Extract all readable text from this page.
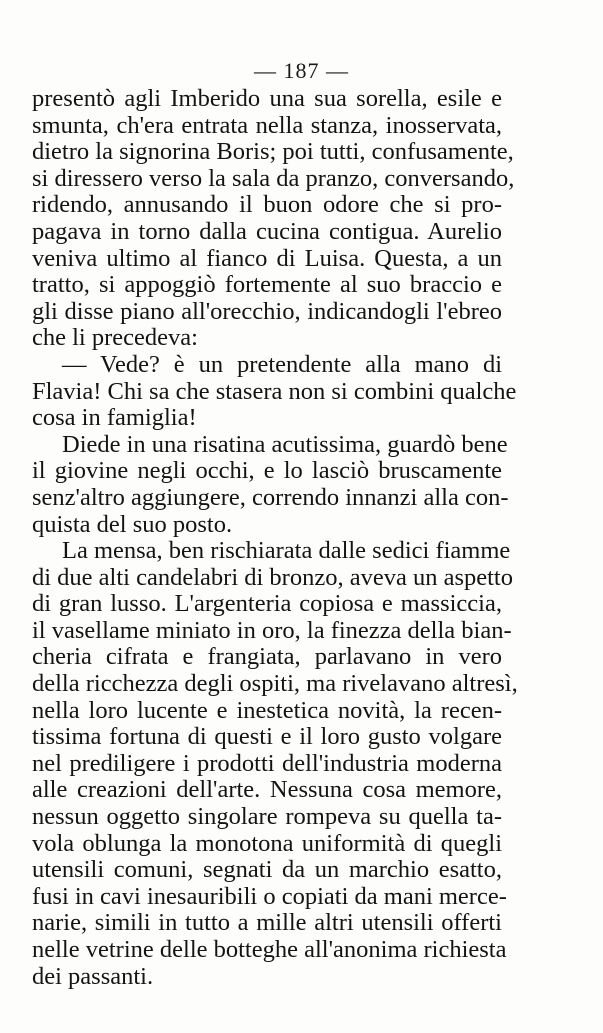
— 187 —
presentò agli Imberido una sua sorella, esile e
smunta, ch'era entrata nella stanza, inosservata,
dietro la signorina Boris; poi tutti, confusamente,
si diressero verso la sala da pranzo, conversando,
ridendo, annusando il buon odore che si pro-
pagava in torno dalla cucina contigua. Aurelio
veniva ultimo al fianco di Luisa. Questa, a un
tratto, si appoggiò fortemente al suo braccio e
gli disse piano all'orecchio, indicandogli l'ebreo
che li precedeva:
— Vede? è un pretendente alla mano di
Flavia! Chi sa che stasera non si combini qualche
cosa in famiglia!
Diede in una risatina acutissima, guardò bene
il giovine negli occhi, e lo lasciò bruscamente
senz'altro aggiungere, correndo innanzi alla con-
quista del suo posto.
La mensa, ben rischiarata dalle sedici fiamme
di due alti candelabri di bronzo, aveva un aspetto
di gran lusso. L'argenteria copiosa e massiccia,
il vasellame miniato in oro, la finezza della bian-
cheria cifrata e frangiata, parlavano in vero
della ricchezza degli ospiti, ma rivelavano altresì,
nella loro lucente e inestetica novità, la recen-
tissima fortuna di questi e il loro gusto volgare
nel prediligere i prodotti dell'industria moderna
alle creazioni dell'arte. Nessuna cosa memore,
nessun oggetto singolare rompeva su quella ta-
vola oblunga la monotona uniformità di quegli
utensili comuni, segnati da un marchio esatto,
fusi in cavi inesauribili o copiati da mani merce-
narie, simili in tutto a mille altri utensili offerti
nelle vetrine delle botteghe all'anonima richiesta
dei passanti.
